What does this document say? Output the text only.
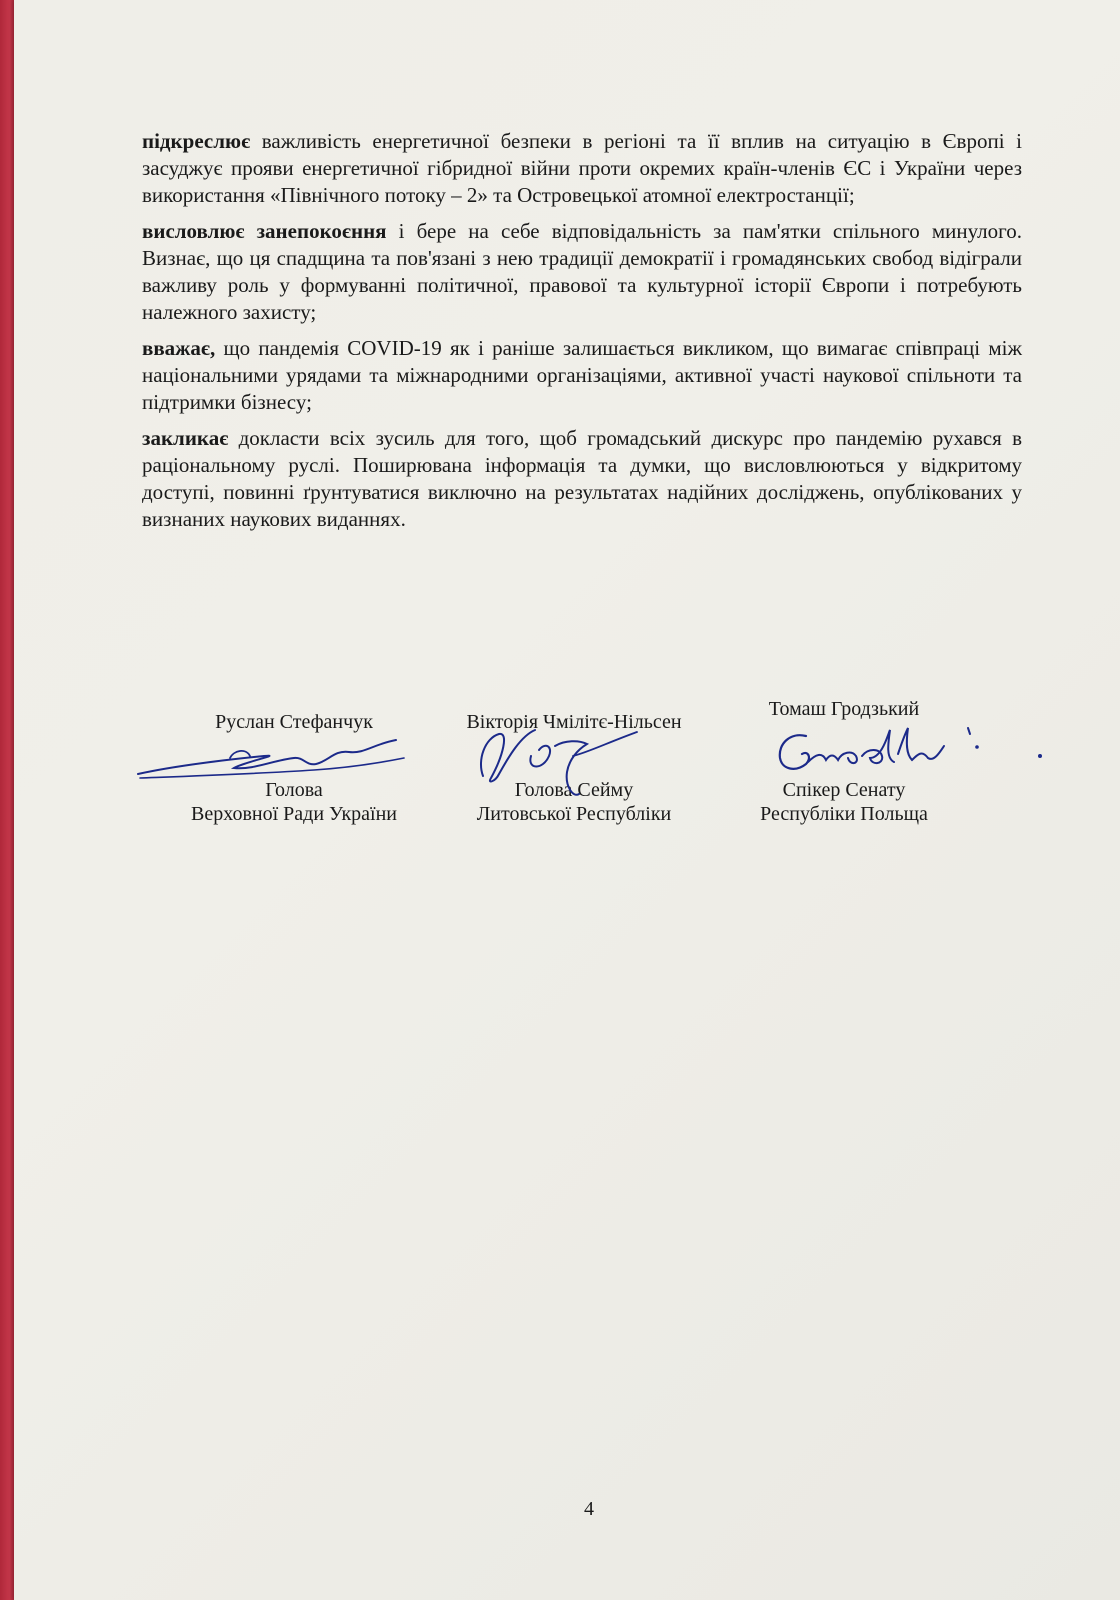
підкреслює важливість енергетичної безпеки в регіоні та її вплив на ситуацію в Європі і засуджує прояви енергетичної гібридної війни проти окремих країн-членів ЄС і України через використання «Північного потоку – 2» та Островецької атомної електростанції;

висловлює занепокоєння і бере на себе відповідальність за пам'ятки спільного минулого. Визнає, що ця спадщина та пов'язані з нею традиції демократії і громадянських свобод відіграли важливу роль у формуванні політичної, правової та культурної історії Європи і потребують належного захисту;

вважає, що пандемія COVID-19 як і раніше залишається викликом, що вимагає співпраці між національними урядами та міжнародними організаціями, активної участі наукової спільноти та підтримки бізнесу;

закликає докласти всіх зусиль для того, щоб громадський дискурс про пандемію рухався в раціональному руслі. Поширювана інформація та думки, що висловлюються у відкритому доступі, повинні ґрунтуватися виключно на результатах надійних досліджень, опублікованих у визнаних наукових виданнях.

Руслан Стефанчук
Голова
Верховної Ради України
Вікторія Чмілітє-Нільсен
Голова Сейму
Литовської Республіки
Томаш Гродзький
Спікер Сенату
Республіки Польща
4
